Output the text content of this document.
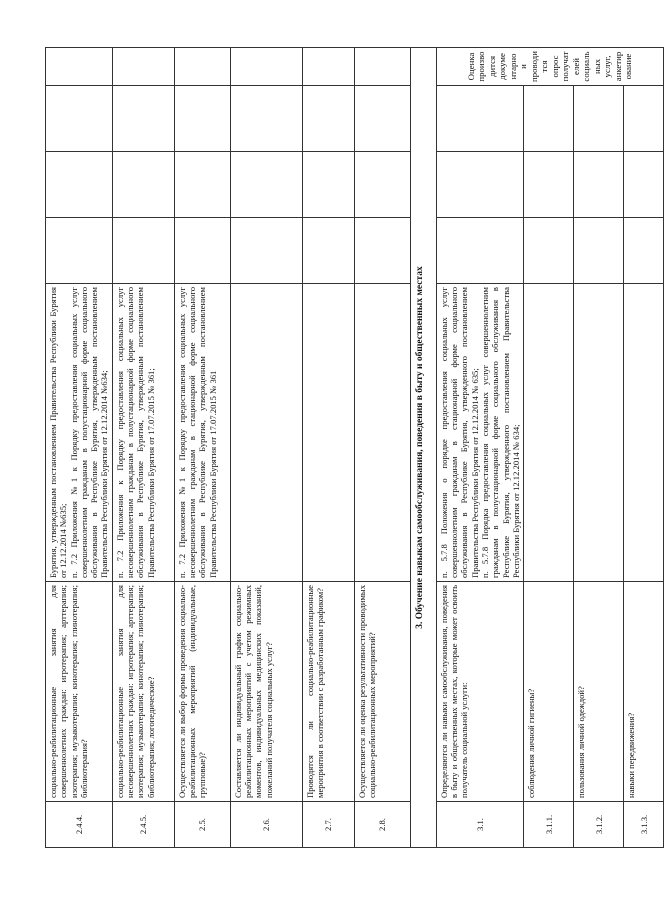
2.4.4.	социально-реабилитационные занятия для совершеннолетних граждан: игротерапия; арттерапия; изотерапия; музыкотерапия; кинотерапия; глинотерапия; библиотерапия?	Бурятия, утвержденным постановлением Правительства Республики Бурятия от 12.12.2014 №635; п. 7.2 Приложения №1 к Порядку предоставления социальных услуг совершеннолетним гражданам в полустационарной форме социального обслуживания в Республике Бурятия, утвержденным постановлением Правительства Республики Бурятия от 12.12.2014 №634;				

2.4.5.	социально-реабилитационные занятия для несовершеннолетних граждан: игротерапия; арттерапия; изотерапия; музыкотерапия; кинотерапия; глинотерапия; библиотерапия; логопедические?	п. 7.2 Приложения к Порядку предоставления социальных услуг несовершеннолетним гражданам в полустационарной форме социального обслуживания в Республике Бурятия, утвержденным постановлением Правительства Республики Бурятия от 17.07.2015 № 361;				

2.5.	Осуществляется ли выбор формы проведения социально-реабилитационных мероприятий (индивидуальные, групповые)?	п. 7.2 Приложения №1 к Порядку предоставления социальных услуг несовершеннолетним гражданам в стационарной форме социального обслуживания в Республике Бурятия, утвержденным постановлением Правительства Республики Бурятия от 17.07.2015 № 361				

2.6.	Составляется ли индивидуальный график социально-реабилитационных мероприятий с учетом режимных моментов, индивидуальных медицинских показаний, пожеланий получателя социальных услуг?					
2.7.	Проводятся ли социально-реабилитационные мероприятия в соответствии с разработанным графиком?					
2.8.	Осуществляется ли оценка результативности проводимых социально-реабилитационных мероприятий?					
3. Обучение навыкам самообслуживания, поведения в быту и общественных местах						
3.1.	Определяются ли навыки самообслуживания, поведения в быту и общественных местах, которые может освоить получатель социальной услуги:	п. 5.7.8 Положения о порядке предоставления социальных услуг совершеннолетним гражданам в стационарной форме социального обслуживания в Республике Бурятия, утвержденного постановлением Правительства Республики Бурятия от 12.12.2014 № 635; п. 5.7.8 Порядка предоставления социальных услуг совершеннолетним гражданам в полустационарной форме социального обслуживания в Республике Бурятия, утвержденного постановлением Правительства Республики Бурятия от 12.12.2014 № 634;				Оценка производится документарно и проводится опрос получателей социальных услуг, анкетирование
3.1.1.	соблюдения личной гигиены?					
3.1.2.	пользования личной одеждой?					
3.1.3.	навыки передвижения?					
